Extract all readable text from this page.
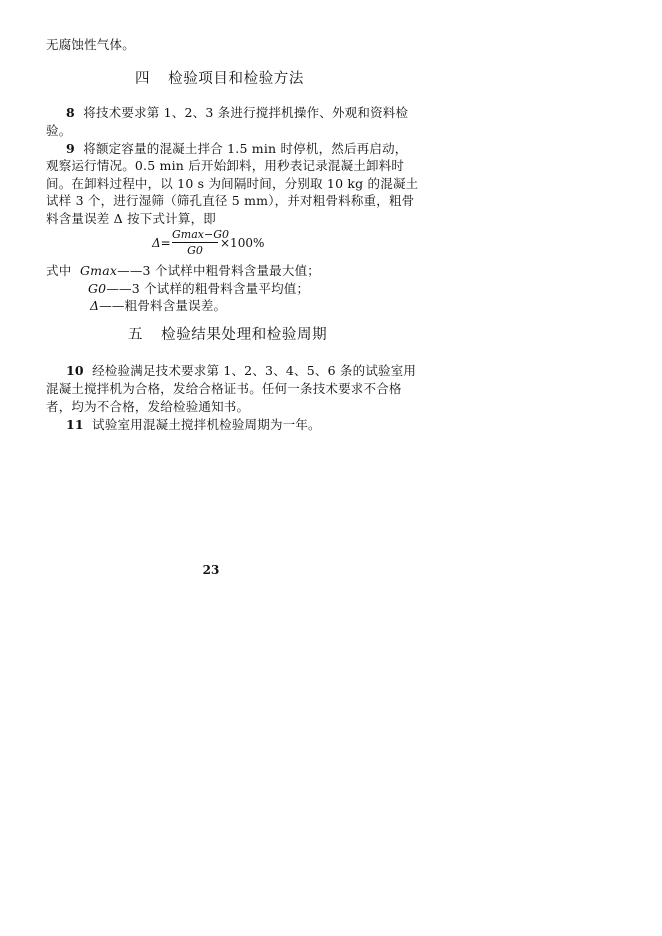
无腐蚀性气体。
四 检验项目和检验方法
8 将技术要求第 1、2、3 条进行搅拌机操作、外观和资料检
验。
9 将额定容量的混凝土拌合 1.5 min 时停机，然后再启动，
观察运行情况。0.5 min 后开始卸料，用秒表记录混凝土卸料时
间。在卸料过程中，以 10 s 为间隔时间，分别取 10 kg 的混凝土
试样 3 个，进行湿筛（筛孔直径 5 mm），并对粗骨料称重，粗骨
料含量误差 Δ 按下式计算，即
Δ=
Gmax−G0
G0
×100%
式中 Gmax——3 个试样中粗骨料含量最大值；
G0——3 个试样的粗骨料含量平均值；
Δ——粗骨料含量误差。
五 检验结果处理和检验周期
10 经检验满足技术要求第 1、2、3、4、5、6 条的试验室用
混凝土搅拌机为合格，发给合格证书。任何一条技术要求不合格
者，均为不合格，发给检验通知书。
11 试验室用混凝土搅拌机检验周期为一年。
23
